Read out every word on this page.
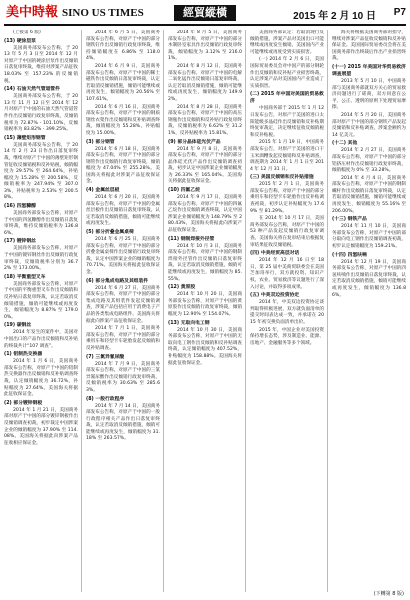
美中時報 SINO US TIMES	經貿縱橫	2015 年 2 月 10 日 P7
(上接第 6 版)
(13) 硬涂层泵
美国商务部发布公告称，于 2013 年 5 月 3 日至 2014 年 12 月对原产于中国的硬涂层泵作出反倾销日落复审终裁，维持对涉案产品征收 18.03% 至 157.23% 的反倾销税。
(14) 石油天然气管道管件
美国商务部发布公告称，于 2013 年 11 月 12 日至 2014 年 12 月对原产于中国的石油天然气管道管件作出反倾销行政复审终裁，反倾销税率为 72.87% - 101.10%，反倾销税率为 83.82% - 399.25%。
(15) 薄壁矩形钢管
美国商务部发布公告称，于 2014 年 2 月 23 日作出日落复审终裁，继续对原产于中国的薄壁矩形钢管征收反倾销税和反补贴税，倾销幅度为 29.57% 至 264.64%，补贴幅度为 15.28% 至 200.58%，反倾销税率为 247.94% 至 307.03%，补贴税率为 2.53% 至 200.58%。
(16) 四氢糠醇
美国商务部发布公告称，对原产于中国的四氢糠醇作出反倾销日落复审终裁，维持反倾销税率为 136.86%。
(17) 镀锌钢丝
美国商务部发布公告称，对原产于中国的镀锌钢丝作出反倾销行政复审终裁，反倾销税率分别为 36.72% 至 173.00%。
(18) 平衡重型叉车
美国商务部发布公告称，对原产于中国的平衡重型叉车作出反倾销和反补贴日落复审终裁，认定若取消反倾销措施，倾销可能继续或再度发生，倾销幅度为 8.87% 至 179.00%。
(19) 碳钢丝
2014 年发生的案件中，美国对中国出口的产品作出反倾销和反补贴的终裁共计“107 调查”。
(1) 铝制热交换器
2014 年 1 月 6 日，美国商务部发布公告称，对原产于中国的铝制热交换器作出反倾销和反补贴调查终裁，认定倾销幅度为 36.72%，补贴幅度为 27.64%。美国海关将据此征收保证金。
(2) 部分镀锌钢板
2014 年 1 月 21 日，美国商务部对原产于中国的部分镀锌钢板作出反倾销调查初裁，初步裁定中国涉案企业的倾销幅度为 37.90% 至 114.08%。美国海关将据此向涉案产品征收相应保证金。
2014 年 6 月 5 日，美国商务部发布公告称，对原产于中国的部分钢铁钉作出反倾销行政复审终裁，维持倾销幅度在 6.86% 至 118.04%。
2014 年 6 月 9 日，美国商务部发布公告称，对原产于中国的稀土磁铁作出反倾销日落复审终裁，认定若取消反倾销措施，倾销可能继续或再度发生，倾销幅度为 20.56% 至 107.61%。
2014 年 6 月 16 日，美国商务部发布公告称，对原产于中国的钢质钢丝衣架作出反倾销和反补贴调查终裁，倾销幅度为 55.28%，补贴幅度为 15.00%。
(3) 部分钢管
2014 年 6 月 18 日，美国商务部发布公告称，对原产于中国的部分钢管作出反倾销行政复审终裁，倾销幅度为 47.04% 至 255.28%。美国海关将据此对涉案产品征收保证金。
(4) 金属丝层板
2014 年 6 月 20 日，美国商务部发布公告称，对原产于中国的金属丝层板作出反倾销日落复审终裁，认定若取消反倾销措施，倾销可能继续或再度发生。
(5) 部分折叠金属桌椅
2014 年 6 月 25 日，美国商务部发布公告称，对原产于中国的部分折叠金属桌椅作出反倾销行政复审终裁，认定中国涉案企业的倾销幅度为 70.71%。美国海关将据此征收保证金。
(6) 部分集成电路及其组装件
2014 年 6 月 27 日，美国商务部发布公告称，对原产于中国的部分集成电路及其组装件发起反倾销调查，涉案产品包括应用于消费电子产品的各类集成电路组件。美国海关将据此向涉案产品征收保证金。
2014 年 7 月 1 日，美国商务部发布公告称，对原产于中国的部分乘用车和轻型卡车轮胎发起反倾销和反补贴调查。
(7) 三氯异氰尿酸
2014 年 7 月 9 日，美国商务部发布公告称，对原产于中国的三氯异氰尿酸作出反倾销行政复审终裁，反倾销税率为 30.63% 至 285.63%。
(8) 一般行政程序
2014 年 7 月 14 日，美国商务部发布公告称，对原产于中国的一般行政程序相关产品作出日落复审终裁，认定若取消反倾销措施，倾销可能继续或再度发生，倾销幅度为 31.18% 至 263.57%。
2014 年 8 月 5 日，美国商务部发布公告称，对原产于中国的部分木制卧室家具作出反倾销行政复审终裁，倾销幅度为 3.12% 至 216.01%。
2014 年 8 月 12 日，美国商务部发布公告称，对原产于中国的电解二氧化锰作出反倾销日落复审终裁，认定若取消反倾销措施，倾销可能继续或再度发生，倾销幅度为 149.92%。
2014 年 8 月 28 日，美国商务部发布公告称，对原产于中国的高压钢瓶作出反倾销和反补贴行政复审终裁，反倾销税率为 6.62% 至 31.21%，反补贴税率为 15.81%。
(9) 部分晶体硅光伏产品
2014 年 9 月 8 日，美国商务部发布公告称，对原产于中国的部分晶体硅光伏产品作出反倾销调查初裁，初步认定中国涉案企业倾销幅度为 26.33% 至 165.04%。美国海关将据此征收保证金。
(10) 四氟乙烷
2014 年 9 月 17 日，美国商务部发布公告称，对原产于中国的四氟乙烷作出反倾销调查终裁，认定中国涉案企业倾销幅度为 148.79% 至 280.43%，美国海关将据此向涉案产品征收保证金。
(11) 钢制焊接外径管
2014 年 10 月 3 日，美国商务部发布公告称，对原产于中国的钢制焊接外径管作出反倾销日落复审终裁，认定若取消反倾销措施，倾销可能继续或再度发生，倾销幅度为 85.55%。
(12) 黄原胶
2014 年 10 月 20 日，美国商务部发布公告称，对原产于中国的黄原胶作出反倾销行政复审终裁，倾销幅度为 12.90% 至 154.07%。
(13) 无取向电工钢
2014 年 10 月 30 日，美国商务部发布公告称，对原产于中国的无取向电工钢作出反倾销和反补贴调查终裁，认定倾销幅度为 407.52%，补贴幅度为 158.88%。美国海关将据此征收保证金。
美国商务部认定：若取消现行反倾销措施，涉案产品对美国出口可能继续或再度发生倾销，美国国内产业可能继续或再度受到实质损害。
(一) 2014 年 2 月 6 日，美国国际贸易委员会对中国产的部分钢轮作出反倾销和反补贴产业损害终裁，认定涉案产品对美国国内产业造成了实质损害。
(二) 2015 年中国对美国的贸易救济
中国商务部于 2015 年 1 月 12 日发布公告，对原产于美国的进口太阳能级多晶硅作出反倾销和反补贴期终复审裁定，决定继续征收反倾销税和反补贴税。
2015 年 1 月 19 日，中国商务部发布公告，对原产于美国的进口干玉米酒糟发起反倾销和反补贴调查，调查期为 2014 年 1 月 1 日至 2014 年 12 月 31 日。
(三) 美国反倾销和反补贴措施
2015 年 2 月 1 日，美国商务部发布公告称，对原产于中国的部分乘用车和轻型卡车轮胎作出反补贴调查初裁，初步认定补贴幅度为 17.69% 至 81.29%。
在 2014 年 10 月 17 日，美国商务部发布公告称，对原产于中国的 53 种产品发起反倾销行政复审调查。美国海关将在复审结束后根据复审结果征收反倾销税。
(四) 中美经贸高层对话
2014 年 12 月 16 日至 18 日，第 25 届中美商贸联委会在美国芝加哥举行，双方就投资、知识产权、农业、贸易救济等议题进行了深入讨论，并取得多项成果。
(五) 中美双边投资协定
2014 年，中美双边投资协定谈判取得积极进展，双方就负面清单的提交时间表达成一致，并承诺在 2015 年初交换负面清单出价。
2015 年，中国企业对美国投资保持增长态势，涉及制造业、能源、房地产、金融服务等多个领域。
海关将根据美国商务部的指令，继续对涉案产品征收反倾销和反补贴保证金。美国国际贸易委员会将在美国商务部作出终裁后作出产业损害终裁。
(十一) 2015 年美国对华贸易救济调查展望
2013 年 5 月 10 日，中国商务部与美国商务部就双方关心的贸易救济问题进行了磋商，双方同意在公平、公正、透明的原则下处理贸易摩擦。
2014 年 5 月 20 日，美国商务部对原产于中国的部分钢铁产品发起反倾销和反补贴调查，涉案金额约为 14 亿美元。
(十二) 其他
2014 年 2 月 27 日，美国商务部发布公告称，对原产于中国的部分铝挤压材作出反倾销行政复审终裁，倾销幅度为 0% 至 33.28%。
2014 年 4 月 4 日，美国商务部发布公告称，对原产于中国的钢制螺杆作出反倾销日落复审终裁，认定若取消反倾销措施，倾销可能继续或再度发生，倾销幅度为 55.16% 至 206.00%。
(十三) 钢铁产品
2014 年 11 月 10 日，美国商务部发布公告称，对原产于中国的部分取向电工钢作出反倾销调查初裁，初步认定倾销幅度为 159.21%。
(十四) 四氢呋喃
2014 年 12 月 19 日，美国商务部发布公告称，对原产于中国的四氢呋喃作出反倾销日落复审终裁，认定若取消反倾销措施，倾销可能继续或再度发生，倾销幅度为 136.86%。
(下轉第 8 版)
